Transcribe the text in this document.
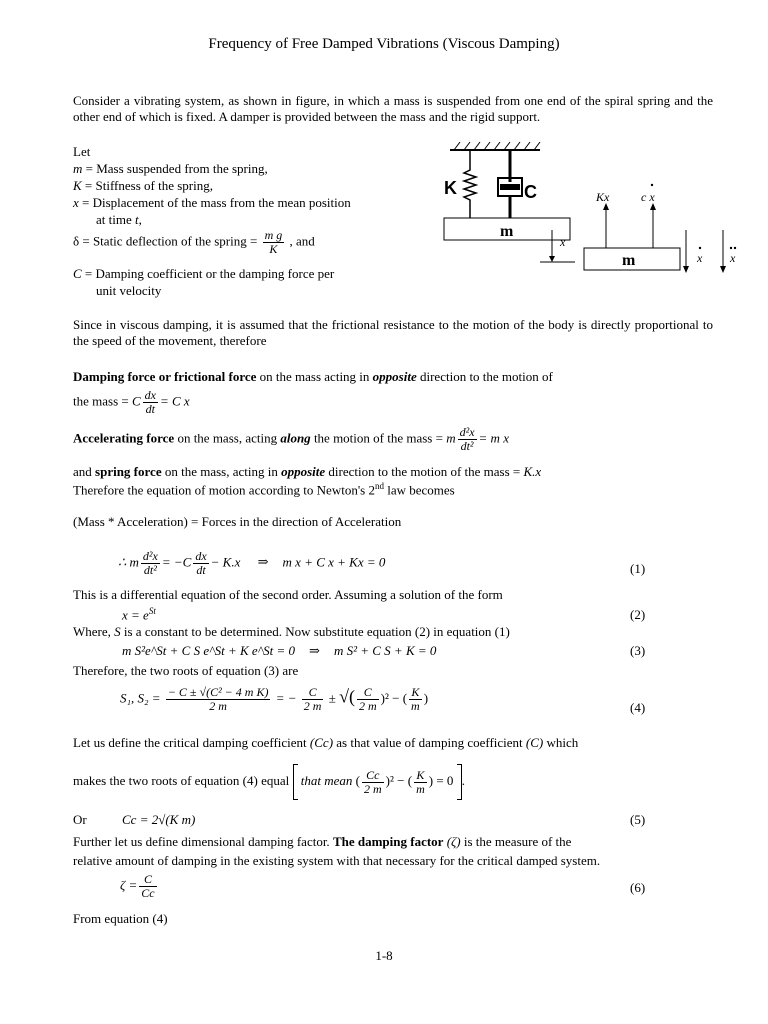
Frequency of Free Damped Vibrations (Viscous Damping)
Consider a vibrating system, as shown in figure, in which a mass is suspended from one end of the spiral spring and the other end of which is fixed. A damper is provided between the mass and the rigid support.
Let
m = Mass suspended from the spring,
K = Stiffness of the spring,
x = Displacement of the mass from the mean position
at time t,
δ = Static deflection of the spring = $\frac{\text{m g}}{K}$ , and
C = Damping coefficient or the damping force per
unit velocity
K	C
m
x
m
Kx	c x
x x
Since in viscous damping, it is assumed that the frictional resistance to the motion of the body is directly proportional to the speed of the movement, therefore
Damping force or frictional force on the mass acting in opposite direction to the motion of
the mass = C $\frac{dx}{dt} = C$ x
Accelerating force on the mass, acting along the motion of the mass = m $\frac{\text{d²x}}{\text{dt²}} = m$ x
and spring force on the mass, acting in opposite direction to the motion of the mass = K.x
Therefore the equation of motion according to Newton's 2nd law becomes
(Mass * Acceleration) = Forces in the direction of Acceleration
∴ m $\frac{\text{d²x}}{\text{dt²}} = -C \frac{dx}{dt} - K.x$ ⇒ m x + C x + Kx = 0	(1)
This is a differential equation of the second order. Assuming a solution of the form
$x = e^{St}$	(2)
Where, S is a constant to be determined. Now substitute equation (2) in equation (1)
m S²e^St + C S e^St + K e^St = 0 ⇒ m S² + C S + K = 0	(3)
Therefore, the two roots of equation (3) are
S₁, $S_2 = \frac{\text{− C ± √(C² − 4 m K)}}{2 m}$ = − $\frac{C}{2 m}$ ± √( $\frac{C}{2 m} )^2$ − ( $\frac{K}{m}$ )
(4)
Let us define the critical damping coefficient (Cc) as that value of damping coefficient (C) which
makes the two roots of equation (4) equal that mean ( $\frac{Cc}{2 m} )^2$ − ( $\frac{K}{m}$ ) = 0 .
Or	Cc = 2√(K m)	(5)
Further let us define dimensional damping factor. The damping factor (ζ) is the measure of the
relative amount of damping in the existing system with that necessary for the critical damped system.
$\zeta = \frac{C}{Cc}$	(6)
From equation (4)
1-8
